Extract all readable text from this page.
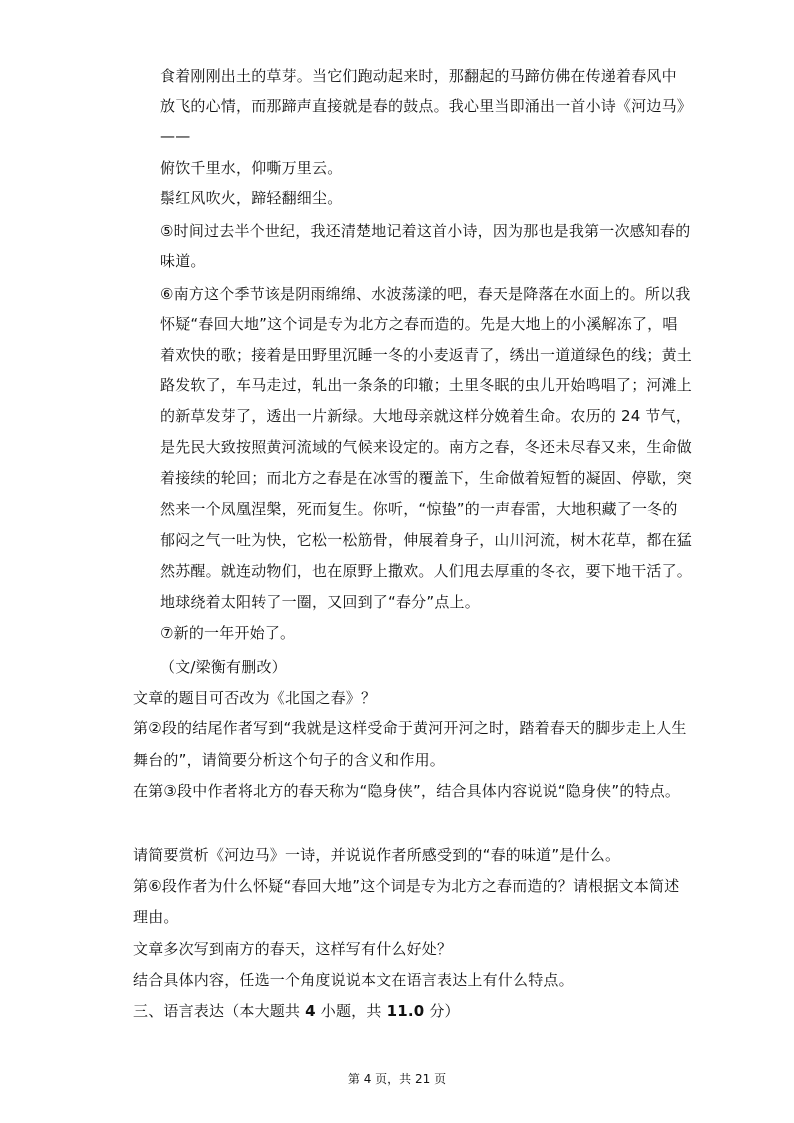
食着刚刚出土的草芽。当它们跑动起来时，那翻起的马蹄仿佛在传递着春风中
放飞的心情，而那蹄声直接就是春的鼓点。我心里当即涌出一首小诗《河边马》
——
俯饮千里水，仰嘶万里云。
鬃红风吹火，蹄轻翻细尘。
⑤时间过去半个世纪，我还清楚地记着这首小诗，因为那也是我第一次感知春的
味道。
⑥南方这个季节该是阴雨绵绵、水波荡漾的吧，春天是降落在水面上的。所以我
怀疑“春回大地”这个词是专为北方之春而造的。先是大地上的小溪解冻了，唱
着欢快的歌；接着是田野里沉睡一冬的小麦返青了，绣出一道道绿色的线；黄土
路发软了，车马走过，轧出一条条的印辙；土里冬眠的虫儿开始鸣唱了；河滩上
的新草发芽了，透出一片新绿。大地母亲就这样分娩着生命。农历的 24 节气，
是先民大致按照黄河流域的气候来设定的。南方之春，冬还未尽春又来，生命做
着接续的轮回；而北方之春是在冰雪的覆盖下，生命做着短暂的凝固、停歇，突
然来一个凤凰涅槃，死而复生。你听，“惊蛰”的一声春雷，大地积藏了一冬的
郁闷之气一吐为快，它松一松筋骨，伸展着身子，山川河流，树木花草，都在猛
然苏醒。就连动物们，也在原野上撒欢。人们甩去厚重的冬衣，要下地干活了。
地球绕着太阳转了一圈，又回到了“春分”点上。
⑦新的一年开始了。
（文/梁衡有删改）
文章的题目可否改为《北国之春》？
第②段的结尾作者写到“我就是这样受命于黄河开河之时，踏着春天的脚步走上人生
舞台的”，请简要分析这个句子的含义和作用。
在第③段中作者将北方的春天称为“隐身侠”，结合具体内容说说“隐身侠”的特点。
请简要赏析《河边马》一诗，并说说作者所感受到的“春的味道”是什么。
第⑥段作者为什么怀疑“春回大地”这个词是专为北方之春而造的？请根据文本简述
理由。
文章多次写到南方的春天，这样写有什么好处？
结合具体内容，任选一个角度说说本文在语言表达上有什么特点。
三、语言表达（本大题共 4 小题，共 11.0 分）
第 4 页，共 21 页
